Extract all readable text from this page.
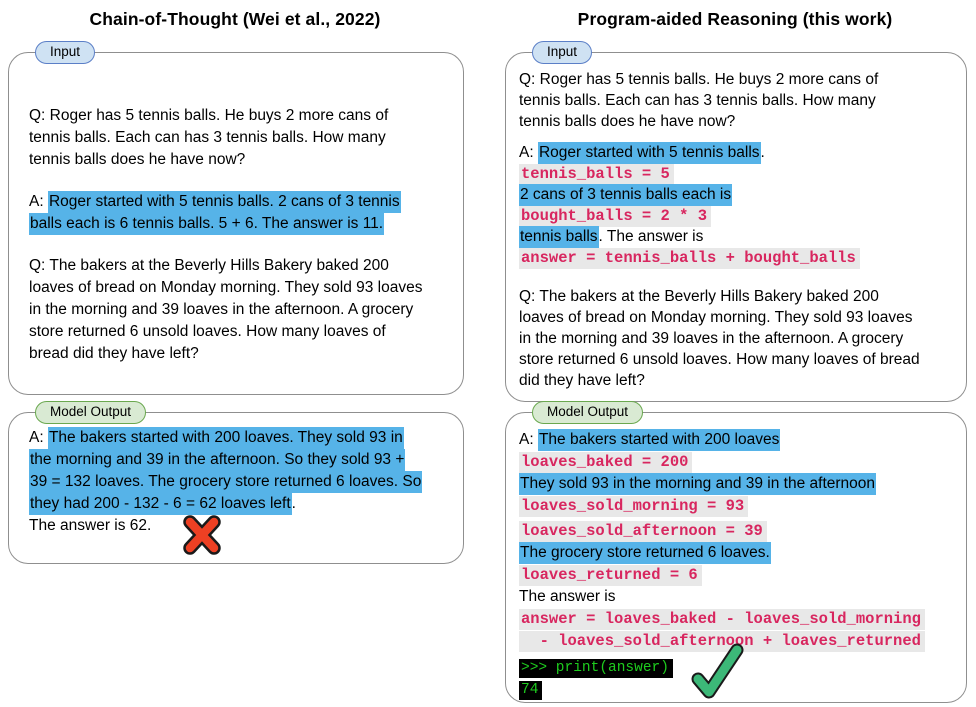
Chain-of-Thought (Wei et al., 2022)	Program-aided Reasoning (this work)
Input
Q: Roger has 5 tennis balls. He buys 2 more cans of
tennis balls. Each can has 3 tennis balls. How many
tennis balls does he have now?
A: Roger started with 5 tennis balls. 2 cans of 3 tennis
balls each is 6 tennis balls. 5 + 6. The answer is 11.
Q: The bakers at the Beverly Hills Bakery baked 200
loaves of bread on Monday morning. They sold 93 loaves
in the morning and 39 loaves in the afternoon. A grocery
store returned 6 unsold loaves. How many loaves of
bread did they have left?
Model Output
A: The bakers started with 200 loaves. They sold 93 in
the morning and 39 in the afternoon. So they sold 93 +
39 = 132 loaves. The grocery store returned 6 loaves. So
they had 200 - 132 - 6 = 62 loaves left.
The answer is 62.
Input
Q: Roger has 5 tennis balls. He buys 2 more cans of
tennis balls. Each can has 3 tennis balls. How many
tennis balls does he have now?
A: Roger started with 5 tennis balls.
tennis_balls = 5
2 cans of 3 tennis balls each is
bought_balls = 2 * 3
tennis balls. The answer is
answer = tennis_balls + bought_balls
Q: The bakers at the Beverly Hills Bakery baked 200
loaves of bread on Monday morning. They sold 93 loaves
in the morning and 39 loaves in the afternoon. A grocery
store returned 6 unsold loaves. How many loaves of bread
did they have left?
Model Output
A: The bakers started with 200 loaves
loaves_baked = 200
They sold 93 in the morning and 39 in the afternoon
loaves_sold_morning = 93
loaves_sold_afternoon = 39
The grocery store returned 6 loaves.
loaves_returned = 6
The answer is
answer = loaves_baked - loaves_sold_morning
- loaves_sold_afternoon + loaves_returned
>>> print(answer)
74
